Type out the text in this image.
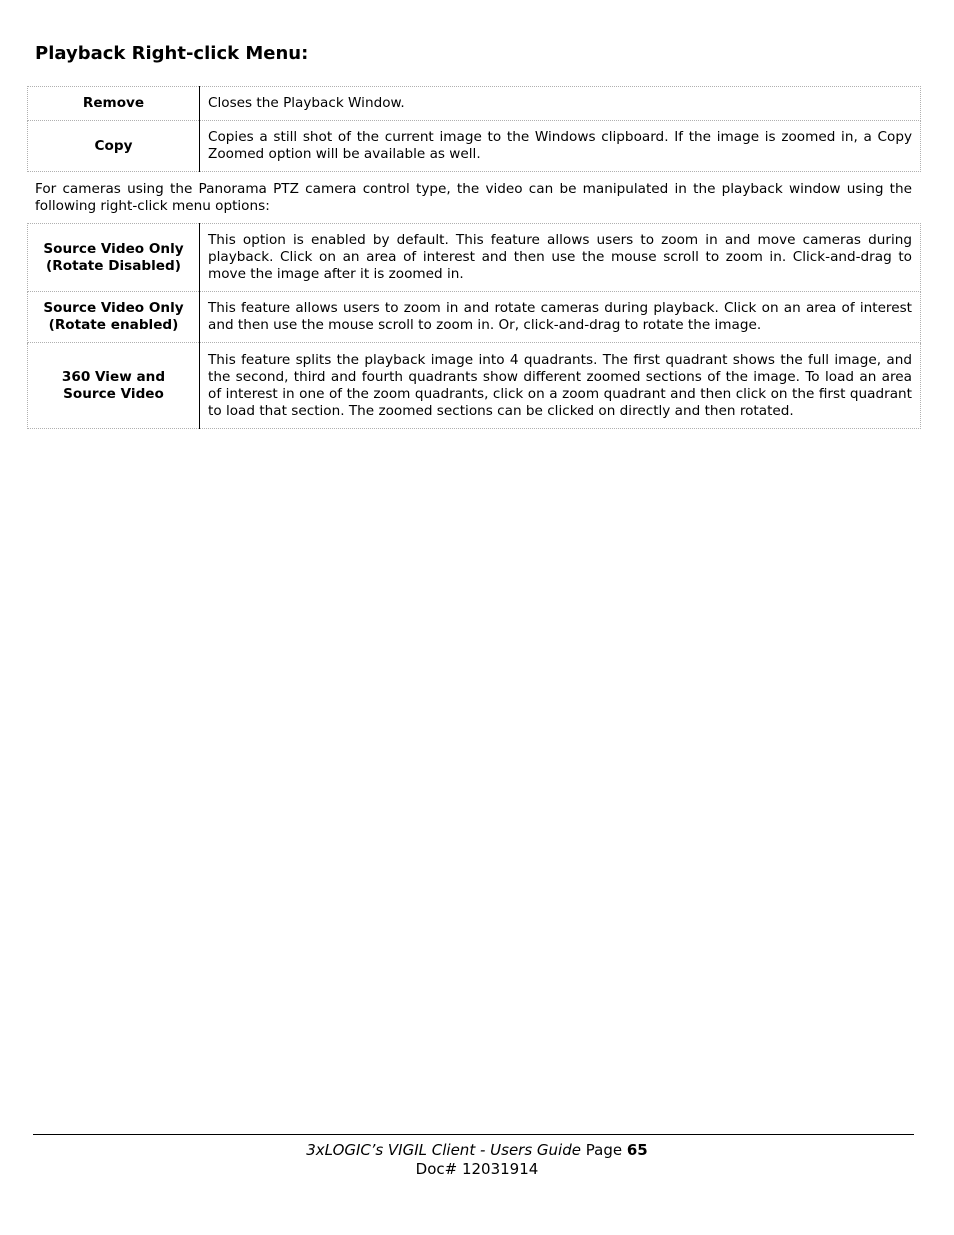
Playback Right-click Menu:
Remove	Closes the Playback Window.
Copy	Copies a still shot of the current image to the Windows clipboard. If the image is zoomed in, a Copy Zoomed option will be available as well.

For cameras using the Panorama PTZ camera control type, the video can be manipulated in the playback window using the following right-click menu options:

Source Video Only
(Rotate Disabled)	This option is enabled by default. This feature allows users to zoom in and move cameras during playback. Click on an area of interest and then use the mouse scroll to zoom in. Click-and-drag to move the image after it is zoomed in.
Source Video Only
(Rotate enabled)	This feature allows users to zoom in and rotate cameras during playback. Click on an area of interest and then use the mouse scroll to zoom in. Or, click-and-drag to rotate the image.
360 View and
Source Video	This feature splits the playback image into 4 quadrants. The first quadrant shows the full image, and the second, third and fourth quadrants show different zoomed sections of the image. To load an area of interest in one of the zoom quadrants, click on a zoom quadrant and then click on the first quadrant to load that section. The zoomed sections can be clicked on directly and then rotated.
3xLOGIC’s VIGIL Client - Users Guide Page 65
Doc# 12031914
